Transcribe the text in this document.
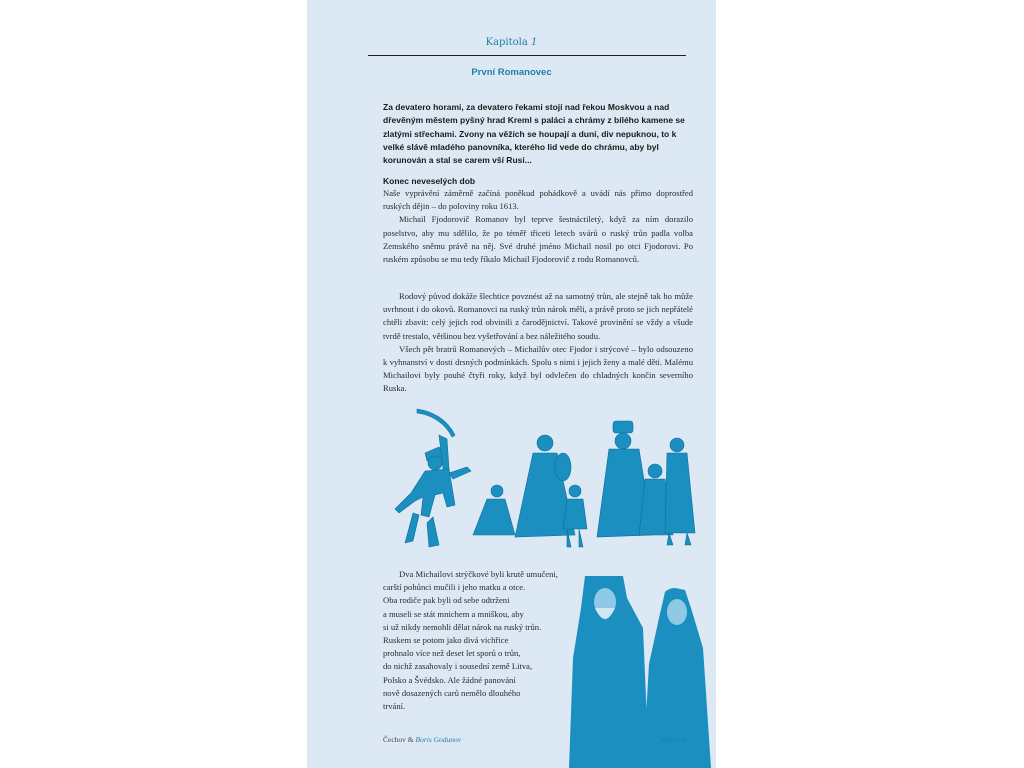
Kapitola 1
První Romanovec
Za devatero horami, za devatero řekami stojí nad řekou Moskvou a nad dřevěným městem pyšný hrad Kreml s paláci a chrámy z bílého kamene se zlatými střechami. Zvony na věžích se houpají a duní, div nepuknou, to k velké slávě mladého panovníka, kterého lid vede do chrámu, aby byl korunován a stal se carem vší Rusi...
Konec neveselých dob

Naše vyprávění záměrně začíná poněkud pohádkově a uvádí nás přímo doprostřed ruských dějin – do poloviny roku 1613.

Michail Fjodorovič Romanov byl teprve šestnáctiletý, když za ním dorazilo poselstvo, aby mu sdělilo, že po téměř třiceti letech svárů o ruský trůn padla volba Zemského sněmu právě na něj. Své druhé jméno Michail nosil po otci Fjodorovi. Po ruském způsobu se mu tedy říkalo Michail Fjodorovič z rodu Romanovců.

Rodový původ dokáže šlechtice povznést až na samotný trůn, ale stejně tak ho může uvrhnout i do okovů. Romanovci na ruský trůn nárok měli, a právě proto se jich nepřátelé chtěli zbavit: celý jejich rod obvinili z čarodějnictví. Takové provinění se vždy a všude tvrdě trestalo, většinou bez vyšetřování a bez náležitého soudu.

Všech pět bratrů Romanových – Michailův otec Fjodor i strýcové – bylo odsouzeno k vyhnanství v dosti drsných podmínkách. Spolu s nimi i jejich ženy a malé děti. Malému Michailovi byly pouhé čtyři roky, když byl odvlečen do chladných končin severního Ruska.

Dva Michailovi strýčkové byli krutě umučeni,
carští pohůnci mučili i jeho matku a otce.
Oba rodiče pak byli od sebe odtrženi
a museli se stát mnichem a mniškou, aby
si už nikdy nemohli dělat nárok na ruský trůn.
Ruskem se potom jako divá vichřice
prohnalo více než deset let sporů o trůn,
do nichž zasahovaly i sousední země Litva,
Polsko a Švédsko. Ale žádné panování
nově dosazených carů nemělo dlouhého
trvání.
Čechov & Boris Godunov	strana 11
